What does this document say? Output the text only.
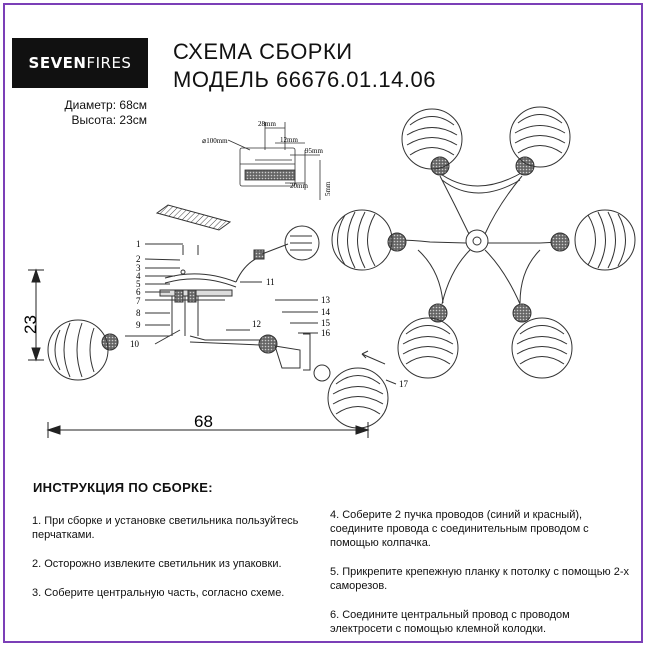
SEVEN FIRES СХЕМА СБОРКИ
МОДЕЛЬ 66676.01.14.06
Диаметр: 68см
Высота: 23см
⌀100mm
28mm
12mm
95mm
20mm 5mm
1
2
3
4
5
6
7
8
9
10
11
12
13
14
15
16
17
23
68
ИНСТРУКЦИЯ ПО СБОРКЕ:

1. При сборке и установке светильника пользуйтесь перчатками.

2. Осторожно извлеките светильник из упаковки.

3. Соберите центральную часть, согласно схеме.

4. Соберите 2 пучка проводов (синий и красный), соедините провода с соединительным проводом с помощью колпачка.

5. Прикрепите крепежную планку к потолку с помощью 2-х саморезов.

6. Соедините центральный провод с проводом электросети с помощью клемной колодки.
